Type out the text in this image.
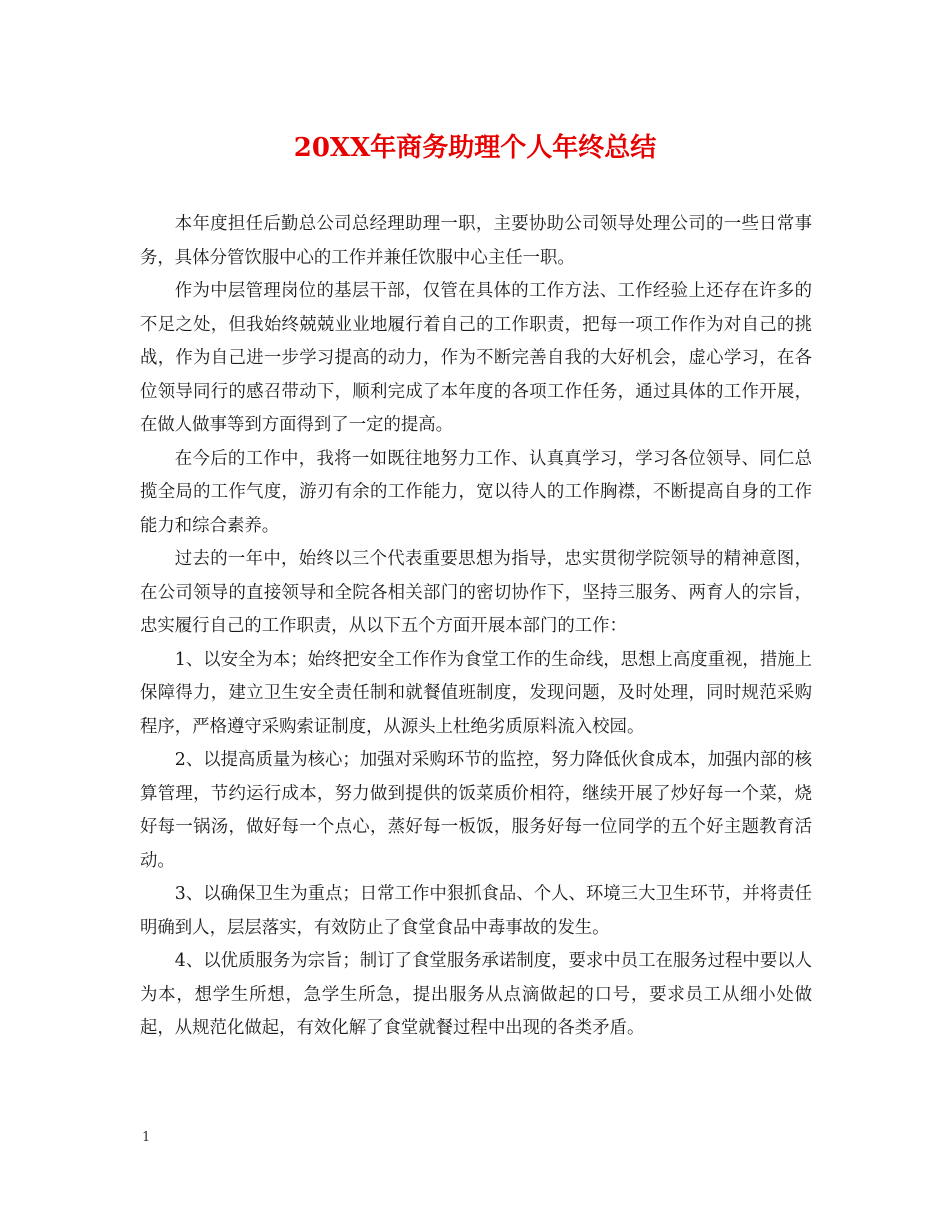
20XX年商务助理个人年终总结

本年度担任后勤总公司总经理助理一职，主要协助公司领导处理公司的一些日常事务，具体分管饮服中心的工作并兼任饮服中心主任一职。

作为中层管理岗位的基层干部，仅管在具体的工作方法、工作经验上还存在许多的不足之处，但我始终兢兢业业地履行着自己的工作职责，把每一项工作作为对自己的挑战，作为自己进一步学习提高的动力，作为不断完善自我的大好机会，虚心学习，在各位领导同行的感召带动下，顺利完成了本年度的各项工作任务，通过具体的工作开展，在做人做事等到方面得到了一定的提高。

在今后的工作中，我将一如既往地努力工作、认真真学习，学习各位领导、同仁总揽全局的工作气度，游刃有余的工作能力，宽以待人的工作胸襟，不断提高自身的工作能力和综合素养。

过去的一年中，始终以三个代表重要思想为指导，忠实贯彻学院领导的精神意图，在公司领导的直接领导和全院各相关部门的密切协作下，坚持三服务、两育人的宗旨，忠实履行自己的工作职责，从以下五个方面开展本部门的工作：

1、以安全为本；始终把安全工作作为食堂工作的生命线，思想上高度重视，措施上保障得力，建立卫生安全责任制和就餐值班制度，发现问题，及时处理，同时规范采购程序，严格遵守采购索证制度，从源头上杜绝劣质原料流入校园。

2、以提高质量为核心；加强对采购环节的监控，努力降低伙食成本，加强内部的核算管理，节约运行成本，努力做到提供的饭菜质价相符，继续开展了炒好每一个菜，烧好每一锅汤，做好每一个点心，蒸好每一板饭，服务好每一位同学的五个好主题教育活动。

3、以确保卫生为重点；日常工作中狠抓食品、个人、环境三大卫生环节，并将责任明确到人，层层落实，有效防止了食堂食品中毒事故的发生。

4、以优质服务为宗旨；制订了食堂服务承诺制度，要求中员工在服务过程中要以人为本，想学生所想，急学生所急，提出服务从点滴做起的口号，要求员工从细小处做起，从规范化做起，有效化解了食堂就餐过程中出现的各类矛盾。

1
